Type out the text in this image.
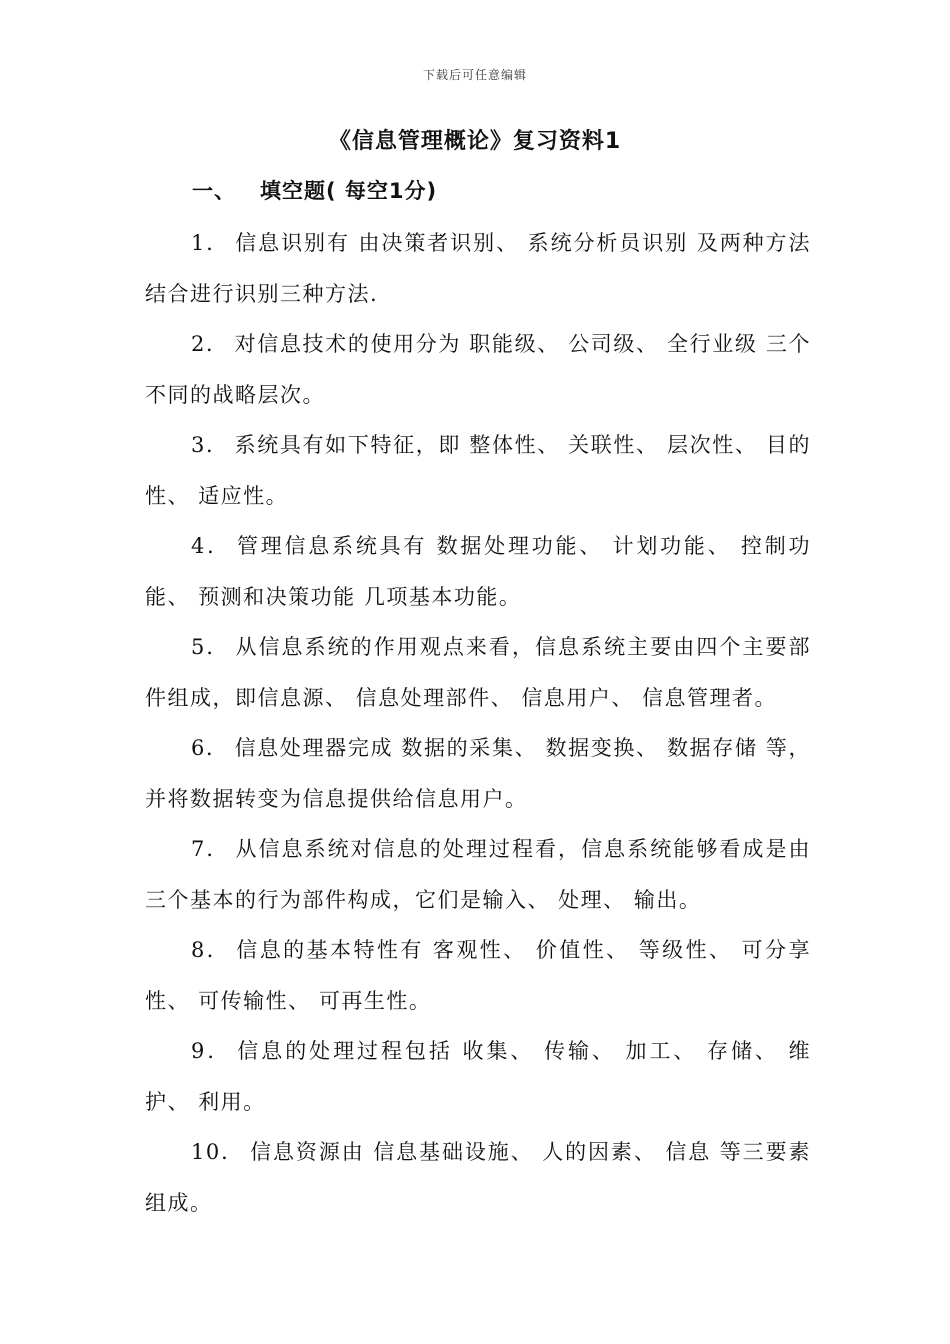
下载后可任意编辑
《信息管理概论》复习资料1
一、 填空题( 每空1分)

1． 信息识别有 由决策者识别、 系统分析员识别 及两种方法结合进行识别三种方法.

2． 对信息技术的使用分为 职能级、 公司级、 全行业级 三个不同的战略层次。

3． 系统具有如下特征，即 整体性、 关联性、 层次性、 目的性、 适应性。

4． 管理信息系统具有 数据处理功能、 计划功能、 控制功能、 预测和决策功能 几项基本功能。

5． 从信息系统的作用观点来看，信息系统主要由四个主要部件组成，即信息源、 信息处理部件、 信息用户、 信息管理者。

6． 信息处理器完成 数据的采集、 数据变换、 数据存储 等， 并将数据转变为信息提供给信息用户。

7． 从信息系统对信息的处理过程看，信息系统能够看成是由三个基本的行为部件构成，它们是输入、 处理、 输出。

8． 信息的基本特性有 客观性、 价值性、 等级性、 可分享性、 可传输性、 可再生性。

9． 信息的处理过程包括 收集、 传输、 加工、 存储、 维护、 利用。

10． 信息资源由 信息基础设施、 人的因素、 信息 等三要素组成。
